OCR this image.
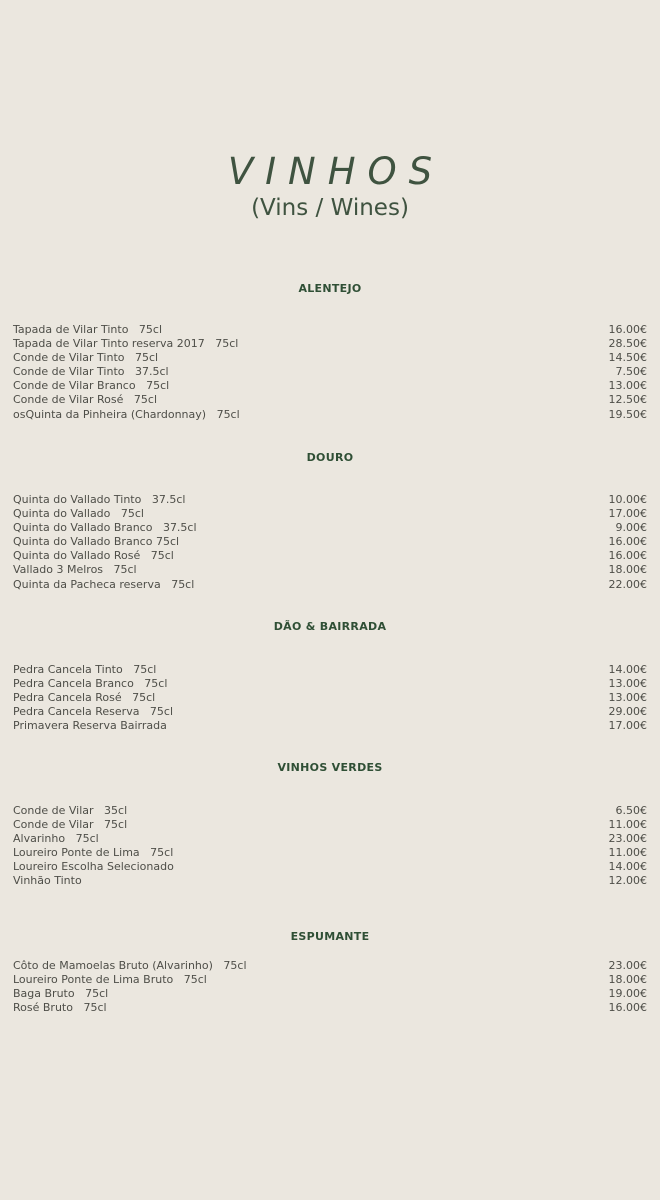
VINHOS
(Vins / Wines)
ALENTEJO
Tapada de Vilar Tinto   75cl	16.00€
Tapada de Vilar Tinto reserva 2017   75cl	28.50€
Conde de Vilar Tinto   75cl	14.50€
Conde de Vilar Tinto   37.5cl	7.50€
Conde de Vilar Branco   75cl	13.00€
Conde de Vilar Rosé   75cl	12.50€
osQuinta da Pinheira (Chardonnay)   75cl	19.50€
DOURO
Quinta do Vallado Tinto   37.5cl	10.00€
Quinta do Vallado   75cl	17.00€
Quinta do Vallado Branco   37.5cl	9.00€
Quinta do Vallado Branco 75cl	16.00€
Quinta do Vallado Rosé   75cl	16.00€
Vallado 3 Melros   75cl	18.00€
Quinta da Pacheca reserva   75cl	22.00€
DÃO & BAIRRADA
Pedra Cancela Tinto   75cl	14.00€
Pedra Cancela Branco   75cl	13.00€
Pedra Cancela Rosé   75cl	13.00€
Pedra Cancela Reserva   75cl	29.00€
Primavera Reserva Bairrada	17.00€
VINHOS VERDES
Conde de Vilar   35cl	6.50€
Conde de Vilar   75cl	11.00€
Alvarinho   75cl	23.00€
Loureiro Ponte de Lima   75cl	11.00€
Loureiro Escolha Selecionado	14.00€
Vinhão Tinto	12.00€
ESPUMANTE
Côto de Mamoelas Bruto (Alvarinho)   75cl	23.00€
Loureiro Ponte de Lima Bruto   75cl	18.00€
Baga Bruto   75cl	19.00€
Rosé Bruto   75cl	16.00€
